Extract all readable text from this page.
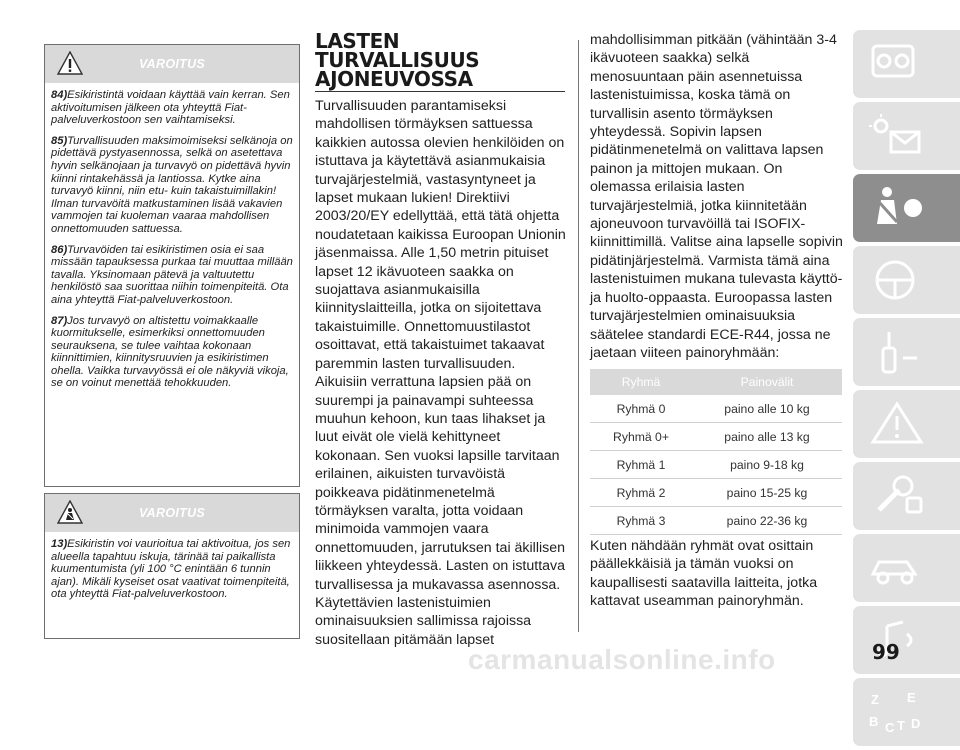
VAROITUS

84)Esikiristintä voidaan käyttää vain kerran. Sen aktivoitumisen jälkeen ota yhteyttä Fiat-palveluverkostoon sen vaihtamiseksi.

85)Turvallisuuden maksimoimiseksi selkänoja on pidettävä pystyasennossa, selkä on asetettava hyvin selkänojaan ja turvavyö on pidettävä hyvin kiinni rintakehässä ja lantiossa. Kytke aina turvavyö kiinni, niin etu- kuin takaistuimillakin! Ilman turvavöitä matkustaminen lisää vakavien vammojen tai kuoleman vaaraa mahdollisen onnettomuuden sattuessa.

86)Turvavöiden tai esikiristimen osia ei saa missään tapauksessa purkaa tai muuttaa millään tavalla. Yksinomaan pätevä ja valtuutettu henkilöstö saa suorittaa niihin toimenpiteitä. Ota aina yhteyttä Fiat-palveluverkostoon.

87)Jos turvavyö on altistettu voimakkaalle kuormitukselle, esimerkiksi onnettomuuden seurauksena, se tulee vaihtaa kokonaan kiinnittimien, kiinnitysruuvien ja esikiristimen ohella. Vaikka turvavyössä ei ole näkyviä vikoja, se on voinut menettää tehokkuuden.

VAROITUS

13)Esikiristin voi vaurioitua tai aktivoitua, jos sen alueella tapahtuu iskuja, tärinää tai paikallista kuumentumista (yli 100 °C enintään 6 tunnin ajan). Mikäli kyseiset osat vaativat toimenpiteitä, ota yhteyttä Fiat-palveluverkostoon.

LASTEN
TURVALLISUUS
AJONEUVOSSA
Turvallisuuden parantamiseksi mahdollisen törmäyksen sattuessa kaikkien autossa olevien henkilöiden on istuttava ja käytettävä asianmukaisia turvajärjestelmiä, vastasyntyneet ja lapset mukaan lukien! Direktiivi 2003/20/EY edellyttää, että tätä ohjetta noudatetaan kaikissa Euroopan Unionin jäsenmaissa. Alle 1,50 metrin pituiset lapset 12 ikävuoteen saakka on suojattava asianmukaisilla kiinnityslaitteilla, jotka on sijoitettava takaistuimille. Onnettomuustilastot osoittavat, että takaistuimet takaavat paremmin lasten turvallisuuden. Aikuisiin verrattuna lapsien pää on suurempi ja painavampi suhteessa muuhun kehoon, kun taas lihakset ja luut eivät ole vielä kehittyneet kokonaan. Sen vuoksi lapsille tarvitaan erilainen, aikuisten turvavöistä poikkeava pidätinmenetelmä törmäyksen varalta, jotta voidaan minimoida vammojen vaara onnettomuuden, jarrutuksen tai äkillisen liikkeen yhteydessä. Lasten on istuttava turvallisessa ja mukavassa asennossa. Käytettävien lastenistuimien ominaisuuksien sallimissa rajoissa suositellaan pitämään lapset
mahdollisimman pitkään (vähintään 3-4 ikävuoteen saakka) selkä menosuuntaan päin asennetuissa lastenistuimissa, koska tämä on turvallisin asento törmäyksen yhteydessä. Sopivin lapsen pidätinmenetelmä on valittava lapsen painon ja mittojen mukaan. On olemassa erilaisia lasten turvajärjestelmiä, jotka kiinnitetään ajoneuvoon turvavöillä tai ISOFIX-kiinnittimillä. Valitse aina lapselle sopivin pidätinjärjestelmä. Varmista tämä aina lastenistuimen mukana tulevasta käyttö- ja huolto-oppaasta. Euroopassa lasten turvajärjestelmien ominaisuuksia säätelee standardi ECE-R44, jossa ne jaetaan viiteen painoryhmään:
Ryhmä	Painovälit
Ryhmä 0	paino alle 10 kg
Ryhmä 0+	paino alle 13 kg
Ryhmä 1	paino 9-18 kg
Ryhmä 2	paino 15-25 kg
Ryhmä 3	paino 22-36 kg
Kuten nähdään ryhmät ovat osittain päällekkäisiä ja tämän vuoksi on kaupallisesti saatavilla laitteita, jotka kattavat useamman painoryhmän.
Z E
B C T D
carmanualsonline.info	99
